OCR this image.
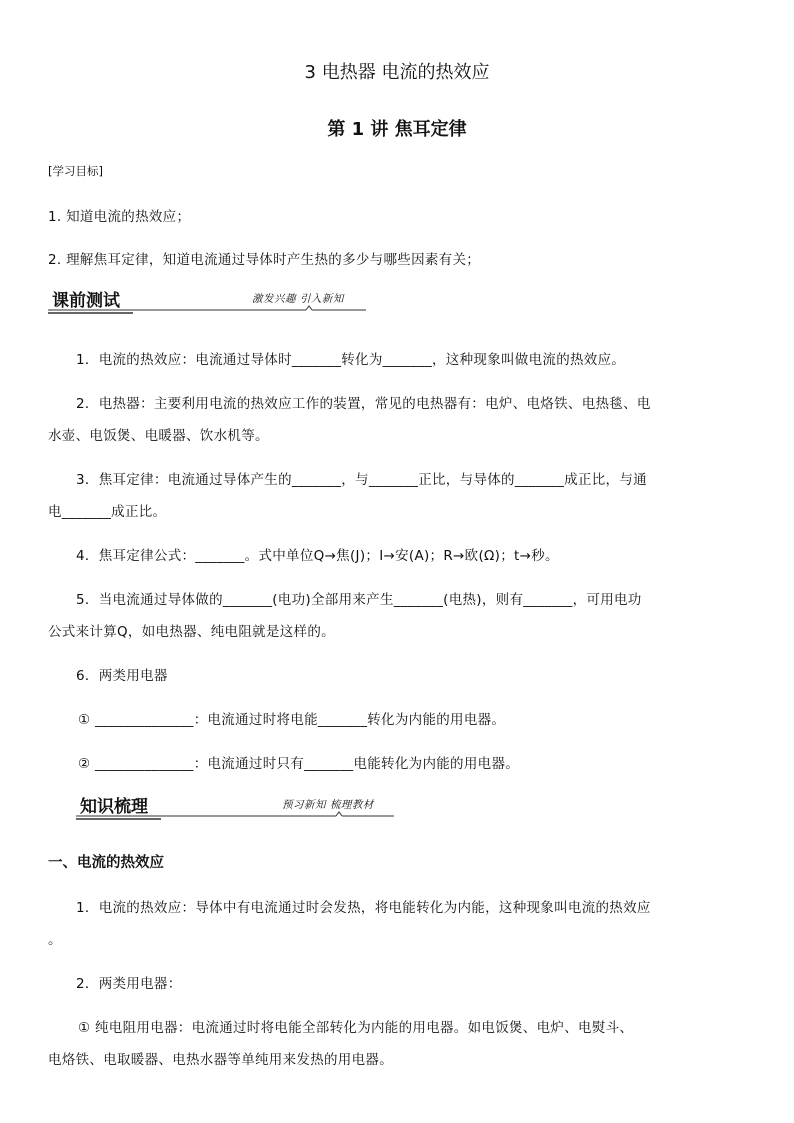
3 电热器 电流的热效应
第 1 讲 焦耳定律
[学习目标]
1. 知道电流的热效应；
2. 理解焦耳定律，知道电流通过导体时产生热的多少与哪些因素有关；
课前测试	激发兴趣 引入新知
1．电流的热效应：电流通过导体时_______转化为_______，这种现象叫做电流的热效应。
2．电热器：主要利用电流的热效应工作的装置，常见的电热器有：电炉、电烙铁、电热毯、电
水壶、电饭煲、电暖器、饮水机等。
3．焦耳定律：电流通过导体产生的_______，与_______正比，与导体的_______成正比，与通
电_______成正比。
4．焦耳定律公式：_______。式中单位Q→焦(J)；I→安(A)；R→欧(Ω)；t→秒。
5．当电流通过导体做的_______(电功)全部用来产生_______(电热)，则有_______，可用电功
公式来计算Q，如电热器、纯电阻就是这样的。
6．两类用电器
① ______________：电流通过时将电能_______转化为内能的用电器。
② ______________：电流通过时只有_______电能转化为内能的用电器。
知识梳理	预习新知 梳理教材
一、电流的热效应
1．电流的热效应：导体中有电流通过时会发热，将电能转化为内能，这种现象叫电流的热效应
。
2．两类用电器：
① 纯电阻用电器：电流通过时将电能全部转化为内能的用电器。如电饭煲、电炉、电熨斗、
电烙铁、电取暖器、电热水器等单纯用来发热的用电器。
